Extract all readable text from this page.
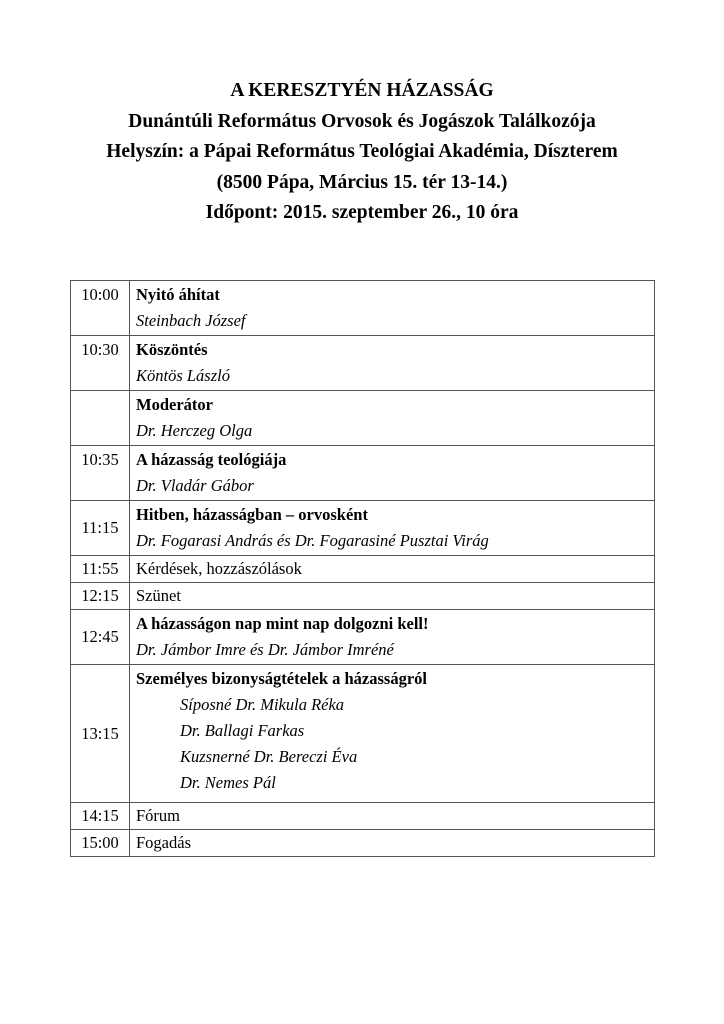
A KERESZTYÉN HÁZASSÁG
Dunántúli Református Orvosok és Jogászok Találkozója
Helyszín: a Pápai Református Teológiai Akadémia, Díszterem
(8500 Pápa, Március 15. tér 13-14.)
Időpont: 2015. szeptember 26., 10 óra
10:00	Nyitó áhítat
Steinbach József

10:30	Köszöntés
Köntös László

	Moderátor
Dr. Herczeg Olga

10:35	A házasság teológiája
Dr. Vladár Gábor

11:15	Hitben, házasságban – orvosként
Dr. Fogarasi András és Dr. Fogarasiné Pusztai Virág

11:55	Kérdések, hozzászólások

12:15	Szünet

12:45	A házasságon nap mint nap dolgozni kell!
Dr. Jámbor Imre és Dr. Jámbor Imréné

13:15	Személyes bizonyságtételek a házasságról
Síposné Dr. Mikula Réka
Dr. Ballagi Farkas
Kuzsnerné Dr. Bereczi Éva
Dr. Nemes Pál

14:15	Fórum

15:00	Fogadás
